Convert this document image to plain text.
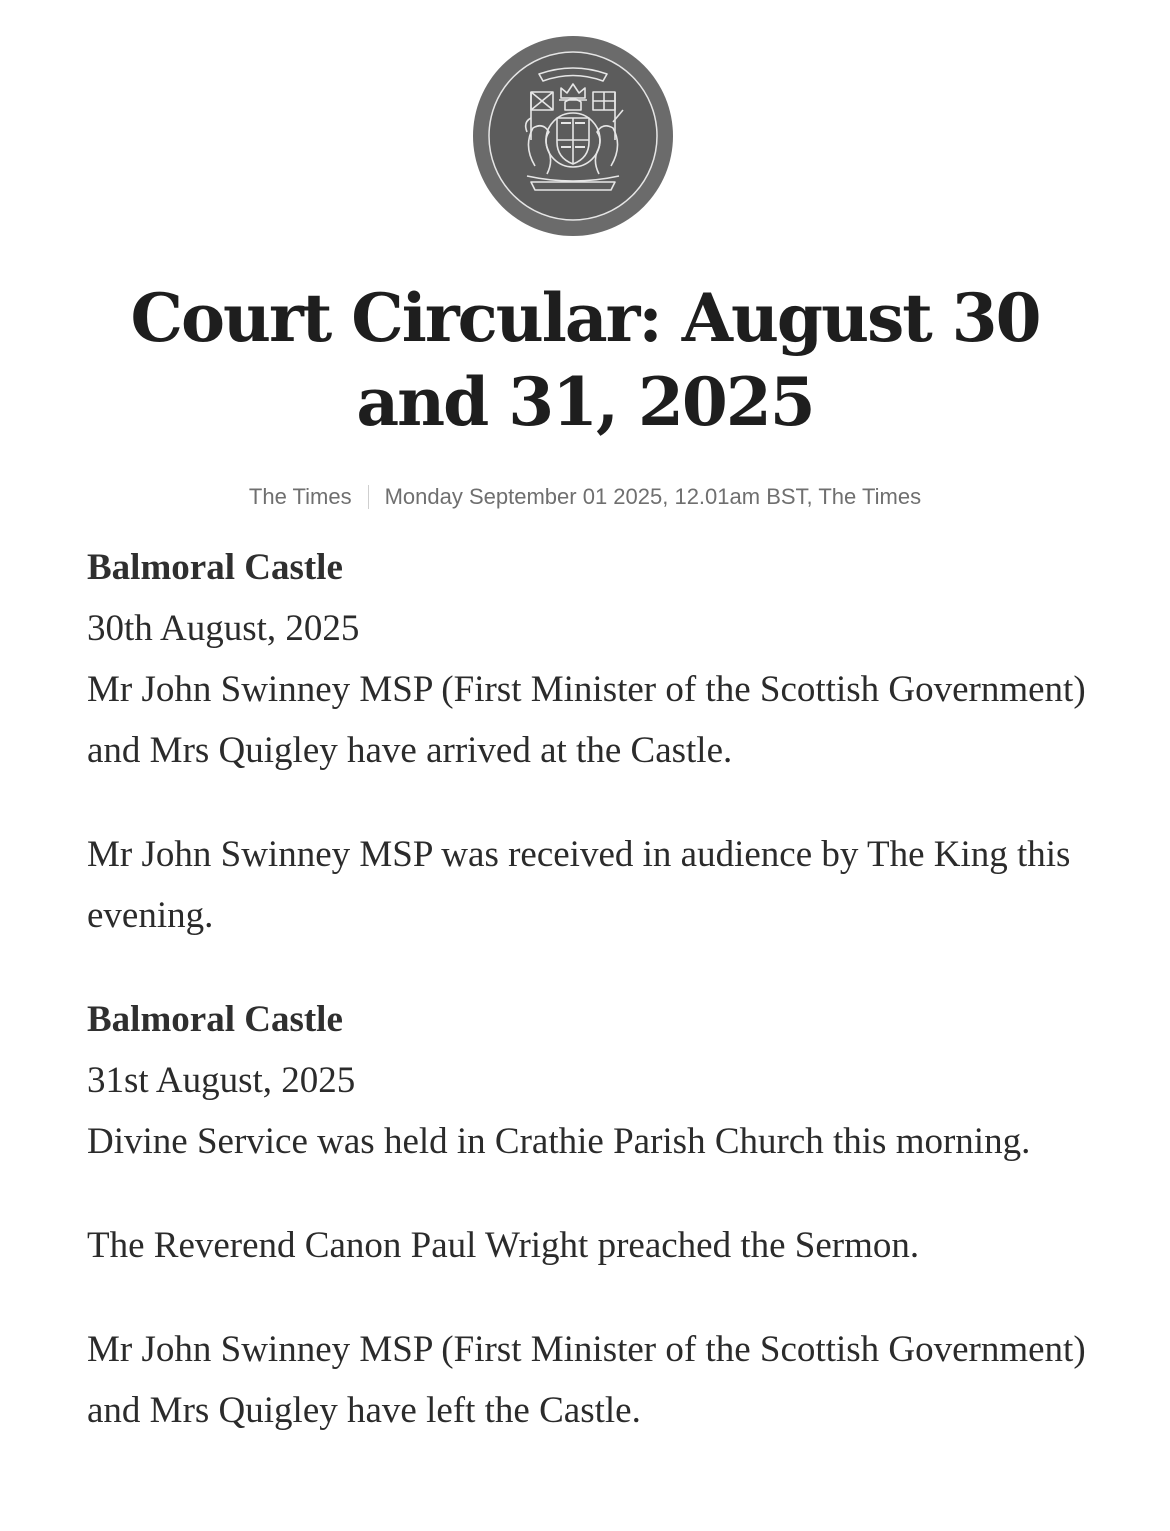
Court Circular: August 30 and 31, 2025
The Times Monday September 01 2025, 12.01am BST, The Times

Balmoral Castle

30th August, 2025

Mr John Swinney MSP (First Minister of the Scottish Government) and Mrs Quigley have arrived at the Castle.

Mr John Swinney MSP was received in audience by The King this evening.

Balmoral Castle

31st August, 2025

Divine Service was held in Crathie Parish Church this morning.

The Reverend Canon Paul Wright preached the Sermon.

Mr John Swinney MSP (First Minister of the Scottish Government) and Mrs Quigley have left the Castle.
